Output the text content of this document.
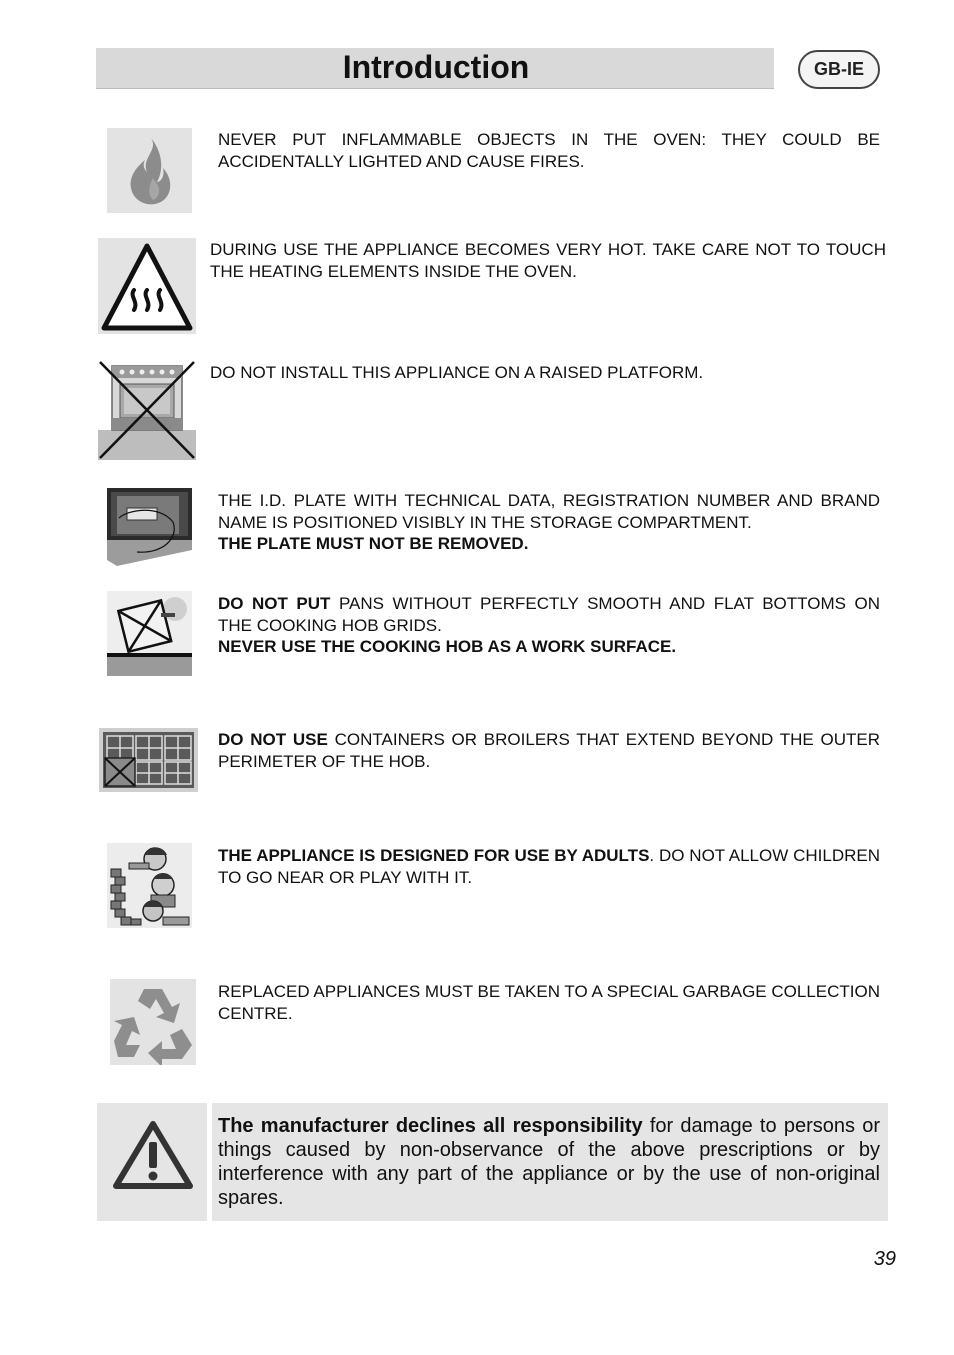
Introduction	GB-IE
NEVER PUT INFLAMMABLE OBJECTS IN THE OVEN: THEY COULD BE ACCIDENTALLY LIGHTED AND CAUSE FIRES.
DURING USE THE APPLIANCE BECOMES VERY HOT. TAKE CARE NOT TO TOUCH THE HEATING ELEMENTS INSIDE THE OVEN.
DO NOT INSTALL THIS APPLIANCE ON A RAISED PLATFORM.
THE I.D. PLATE WITH TECHNICAL DATA, REGISTRATION NUMBER AND BRAND NAME IS POSITIONED VISIBLY IN THE STORAGE COMPARTMENT.
THE PLATE MUST NOT BE REMOVED.
DO NOT PUT PANS WITHOUT PERFECTLY SMOOTH AND FLAT BOTTOMS ON THE COOKING HOB GRIDS.
NEVER USE THE COOKING HOB AS A WORK SURFACE.
DO NOT USE CONTAINERS OR BROILERS THAT EXTEND BEYOND THE OUTER PERIMETER OF THE HOB.
THE APPLIANCE IS DESIGNED FOR USE BY ADULTS. DO NOT ALLOW CHILDREN TO GO NEAR OR PLAY WITH IT.
REPLACED APPLIANCES MUST BE TAKEN TO A SPECIAL GARBAGE COLLECTION CENTRE.
The manufacturer declines all responsibility for damage to persons or things caused by non-observance of the above prescriptions or by interference with any part of the appliance or by the use of non-original spares.
39
